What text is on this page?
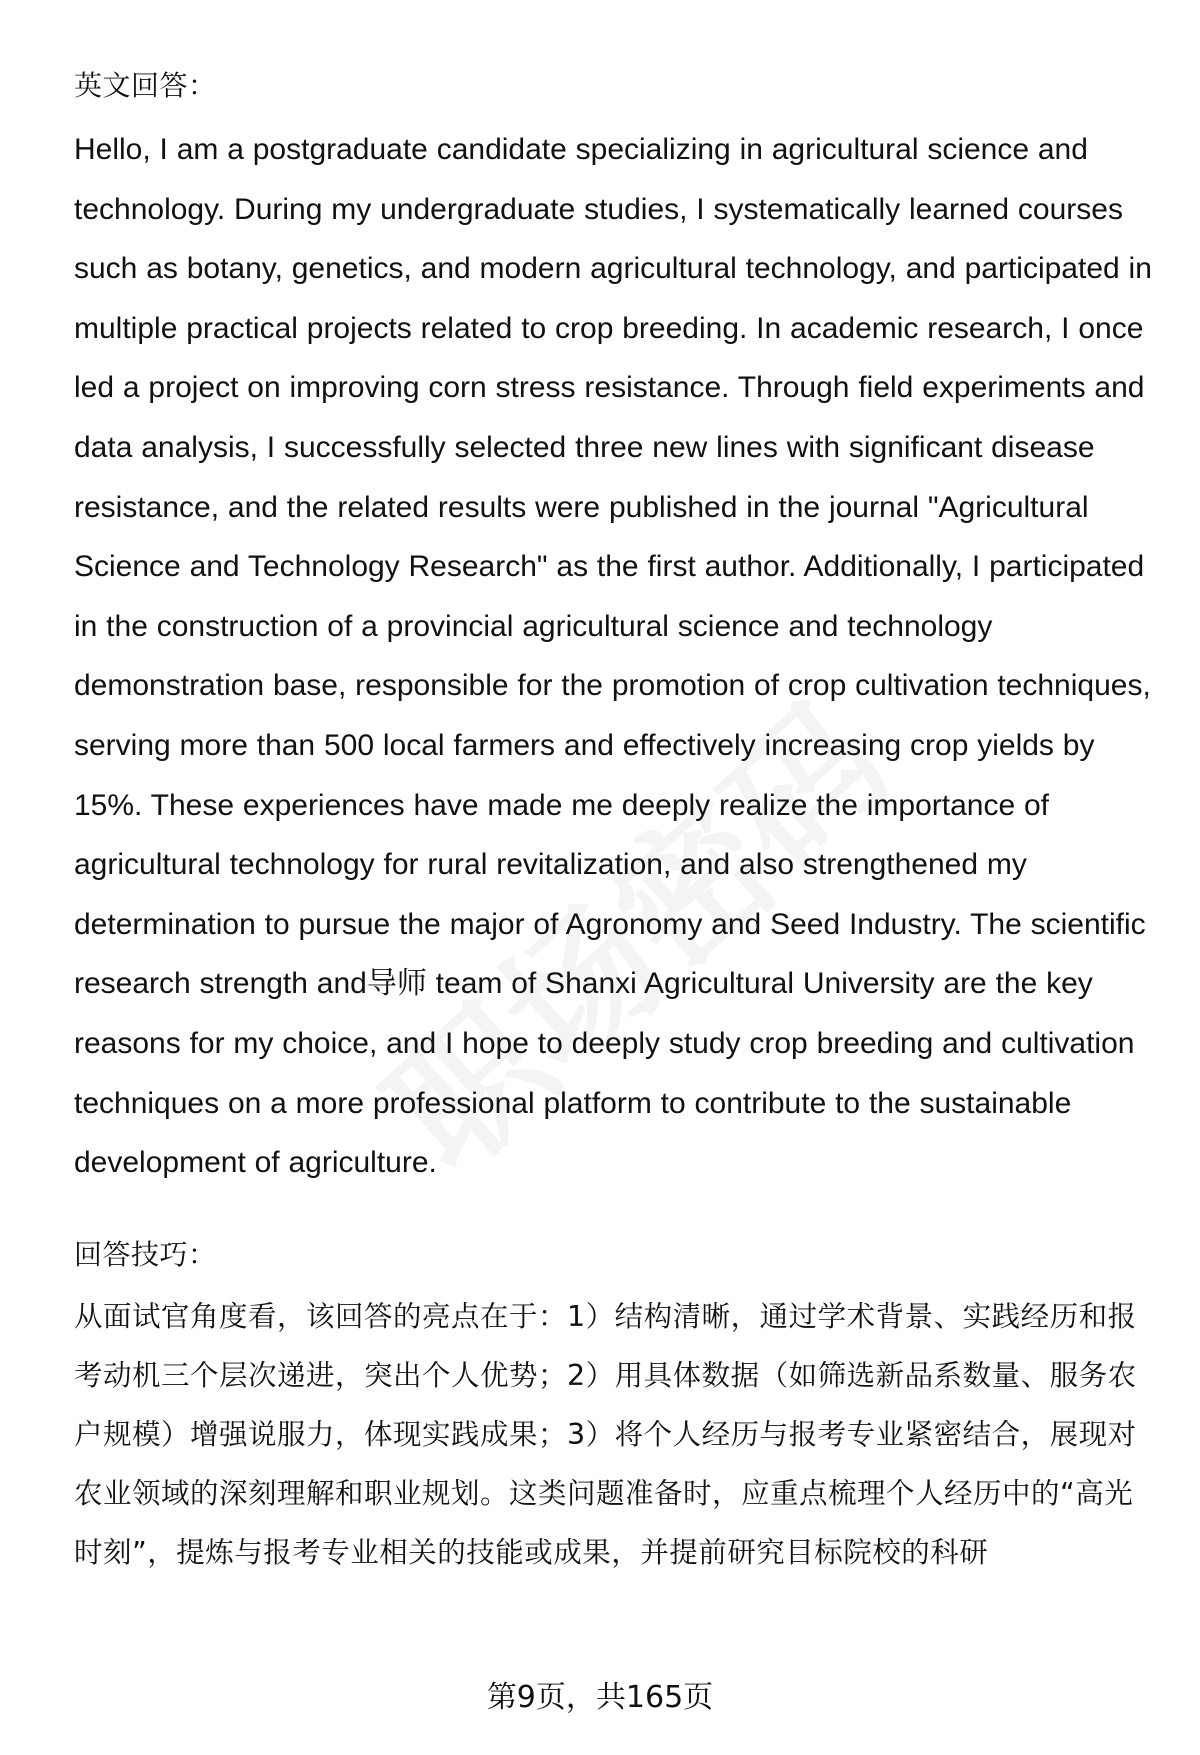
英文回答：

Hello, I am a postgraduate candidate specializing in agricultural science and technology. During my undergraduate studies, I systematically learned courses such as botany, genetics, and modern agricultural technology, and participated in multiple practical projects related to crop breeding. In academic research, I once led a project on improving corn stress resistance. Through field experiments and data analysis, I successfully selected three new lines with significant disease resistance, and the related results were published in the journal "Agricultural Science and Technology Research" as the first author. Additionally, I participated in the construction of a provincial agricultural science and technology demonstration base, responsible for the promotion of crop cultivation techniques, serving more than 500 local farmers and effectively increasing crop yields by 15%. These experiences have made me deeply realize the importance of agricultural technology for rural revitalization, and also strengthened my determination to pursue the major of Agronomy and Seed Industry. The scientific research strength and导师 team of Shanxi Agricultural University are the key reasons for my choice, and I hope to deeply study crop breeding and cultivation techniques on a more professional platform to contribute to the sustainable development of agriculture.

回答技巧：

从面试官角度看，该回答的亮点在于：1）结构清晰，通过学术背景、实践经历和报考动机三个层次递进，突出个人优势；2）用具体数据（如筛选新品系数量、服务农户规模）增强说服力，体现实践成果；3）将个人经历与报考专业紧密结合，展现对农业领域的深刻理解和职业规划。这类问题准备时，应重点梳理个人经历中的“高光时刻”，提炼与报考专业相关的技能或成果，并提前研究目标院校的科研

第9页，共165页
